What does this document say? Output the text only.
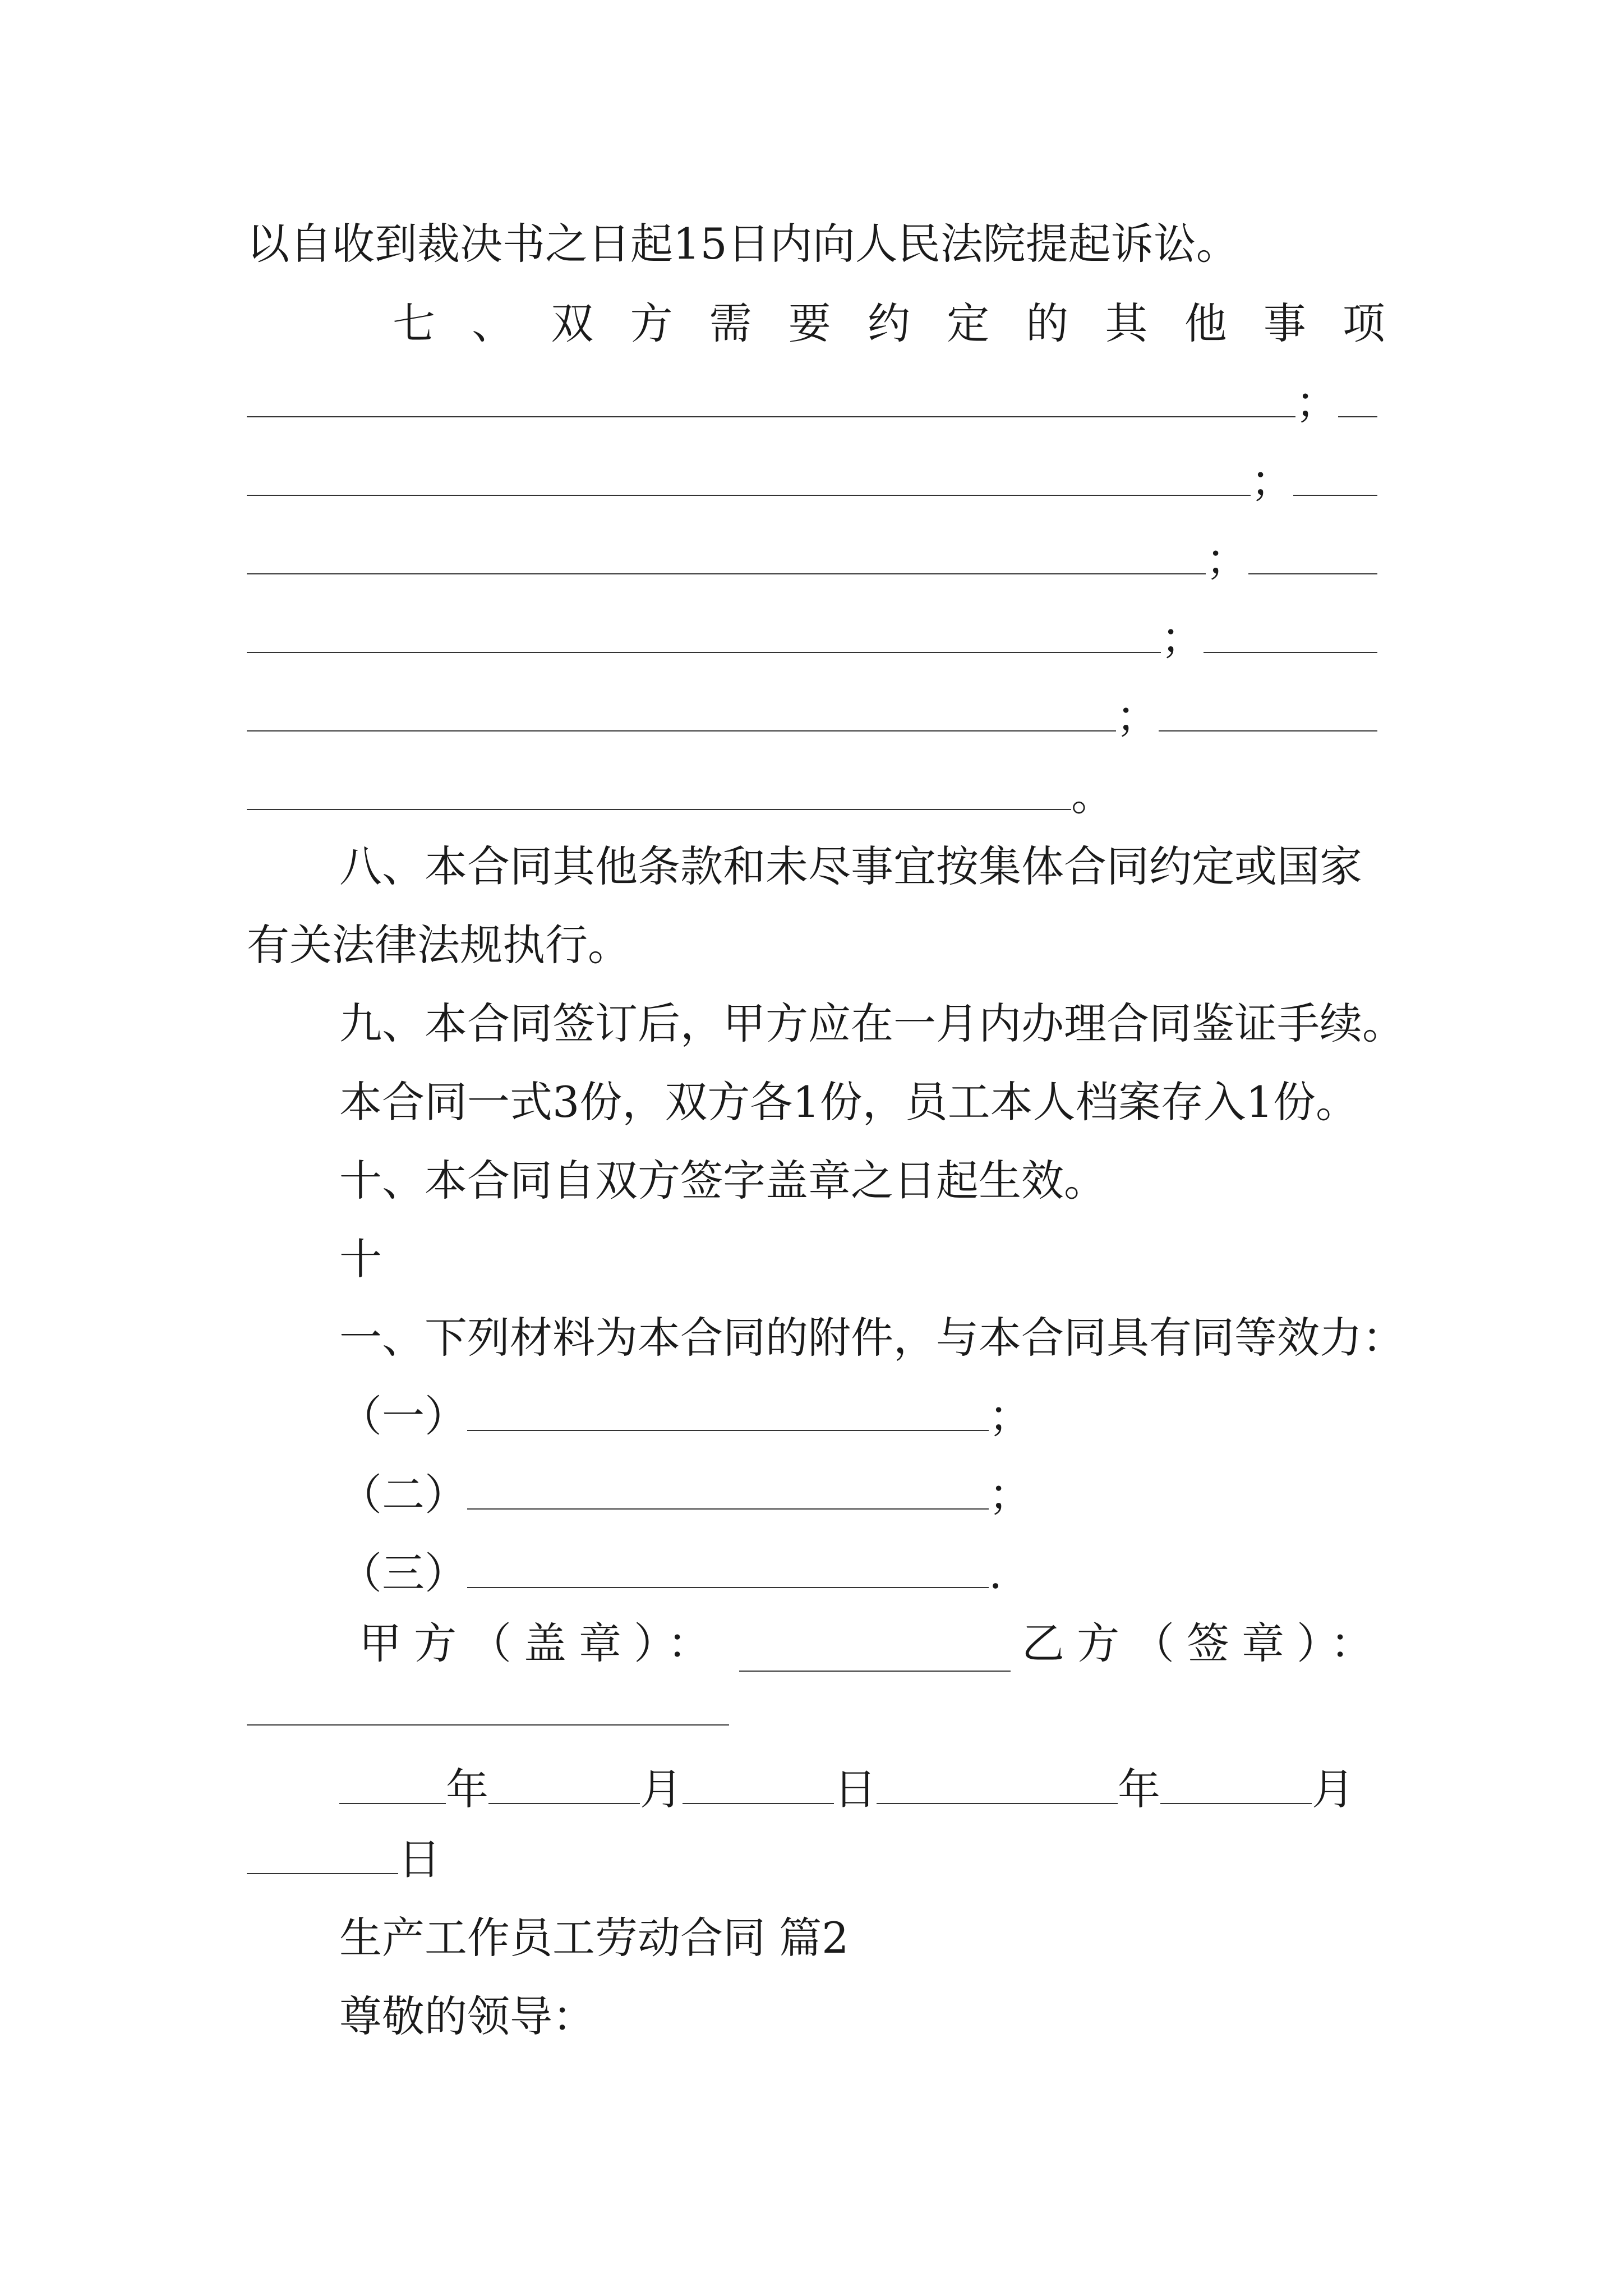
以自收到裁决书之日起15日内向人民法院提起诉讼。
七 、 双 方 需 要 约 定 的 其 他 事 项
；
；
；
；
；
。
八、本合同其他条款和未尽事宜按集体合同约定或国家
有关法律法规执行。
九、本合同签订后，甲方应在一月内办理合同鉴证手续。
本合同一式3份，双方各1份，员工本人档案存入1份。
十、本合同自双方签字盖章之日起生效。
十
一、下列材料为本合同的附件，与本合同具有同等效力：
（一）	；
（二）	；
（三）	.
甲方（盖章）：	乙方（签章）：
年	月	日	年	月
日
生产工作员工劳动合同 篇2
尊敬的领导：
